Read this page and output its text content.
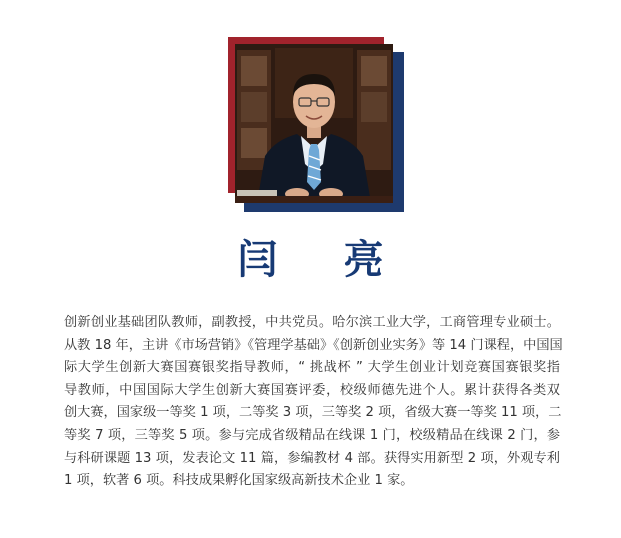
闫 亮
创新创业基础团队教师，副教授，中共党员。哈尔滨工业大学，工商管理专业硕士。
从教 18 年，主讲《市场营销》《管理学基础》《创新创业实务》等 14 门课程，中国国
际大学生创新大赛国赛银奖指导教师，“ 挑战杯 ” 大学生创业计划竞赛国赛银奖指
导教师，中国国际大学生创新大赛国赛评委，校级师德先进个人。累计获得各类双
创大赛，国家级一等奖 1 项，二等奖 3 项，三等奖 2 项，省级大赛一等奖 11 项，二
等奖 7 项，三等奖 5 项。参与完成省级精品在线课 1 门，校级精品在线课 2 门，参
与科研课题 13 项，发表论文 11 篇，参编教材 4 部。获得实用新型 2 项，外观专利
1 项，软著 6 项。科技成果孵化国家级高新技术企业 1 家。
